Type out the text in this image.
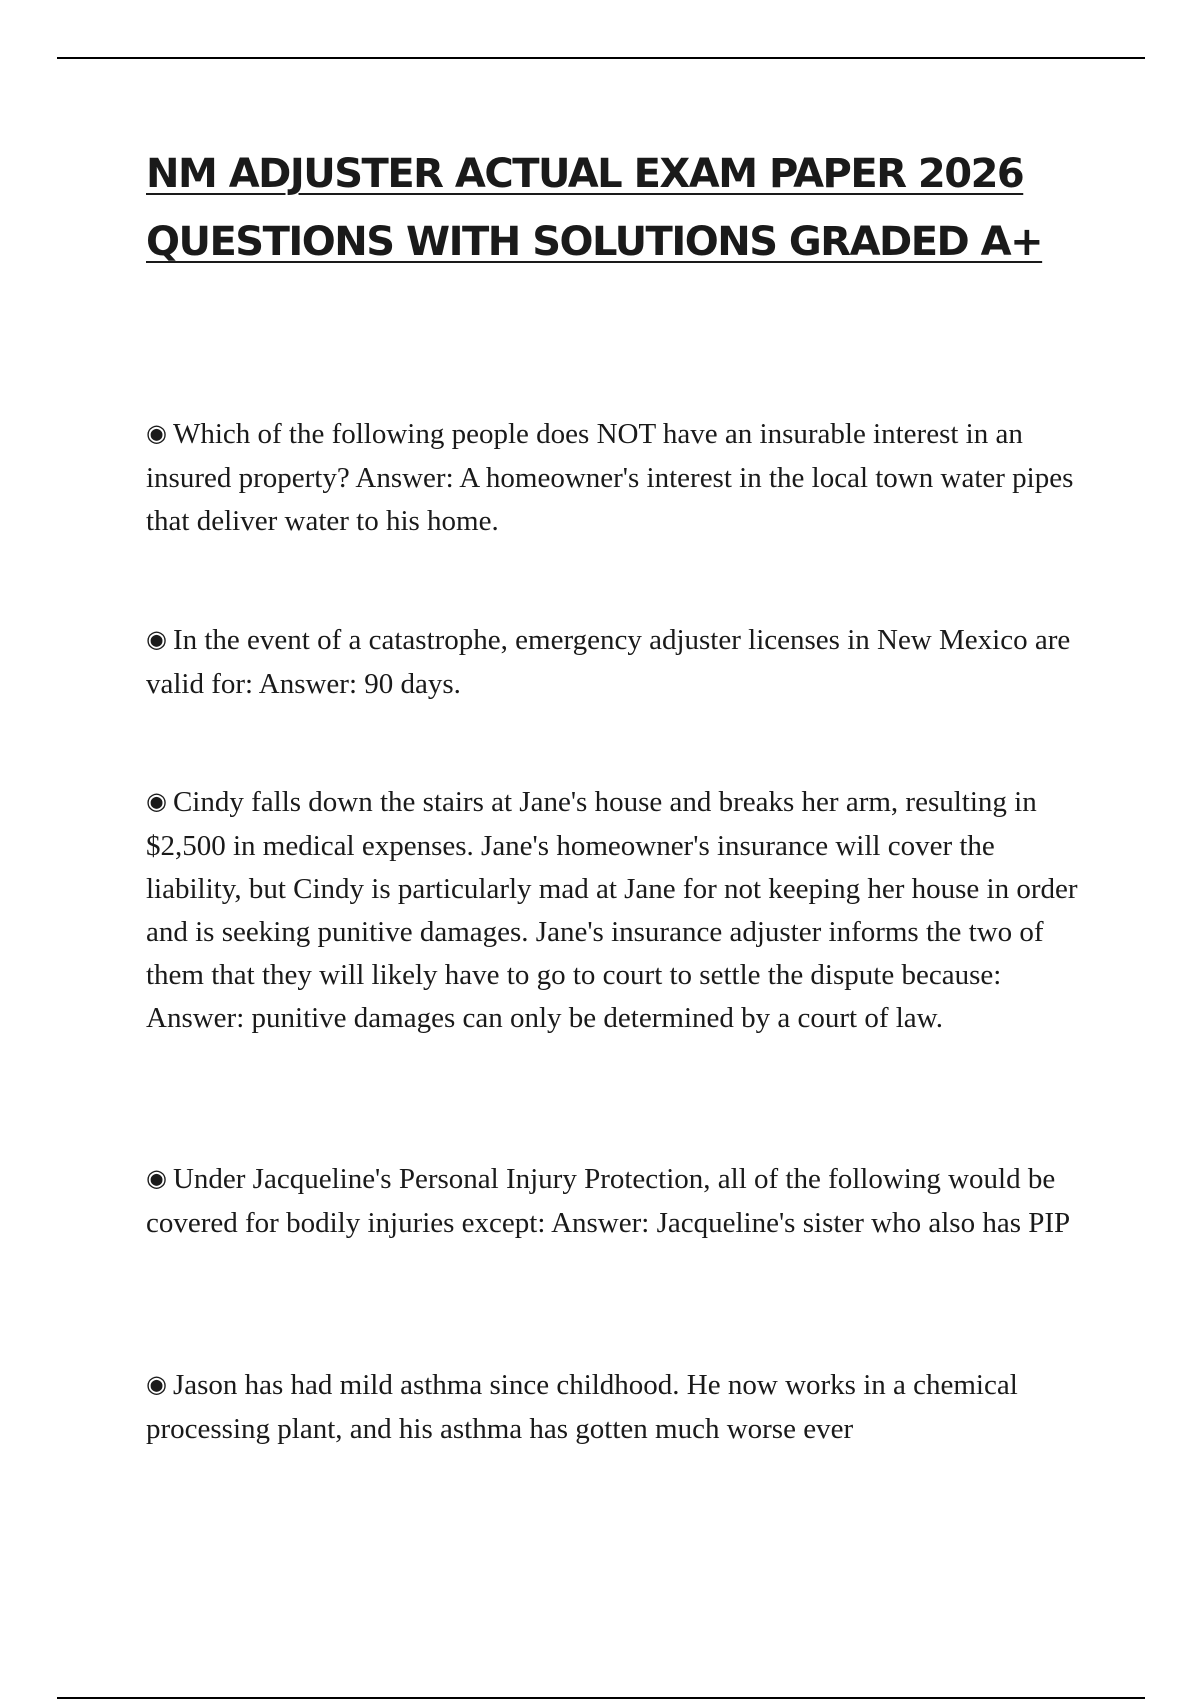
NM ADJUSTER ACTUAL EXAM PAPER 2026
QUESTIONS WITH SOLUTIONS GRADED A+

◉ Which of the following people does NOT have an insurable interest in an insured property? Answer: A homeowner's interest in the local town water pipes that deliver water to his home.

◉ In the event of a catastrophe, emergency adjuster licenses in New Mexico are valid for: Answer: 90 days.

◉ Cindy falls down the stairs at Jane's house and breaks her arm, resulting in $2,500 in medical expenses. Jane's homeowner's insurance will cover the liability, but Cindy is particularly mad at Jane for not keeping her house in order and is seeking punitive damages. Jane's insurance adjuster informs the two of them that they will likely have to go to court to settle the dispute because: Answer: punitive damages can only be determined by a court of law.

◉ Under Jacqueline's Personal Injury Protection, all of the following would be covered for bodily injuries except: Answer: Jacqueline's sister who also has PIP

◉ Jason has had mild asthma since childhood. He now works in a chemical processing plant, and his asthma has gotten much worse ever
